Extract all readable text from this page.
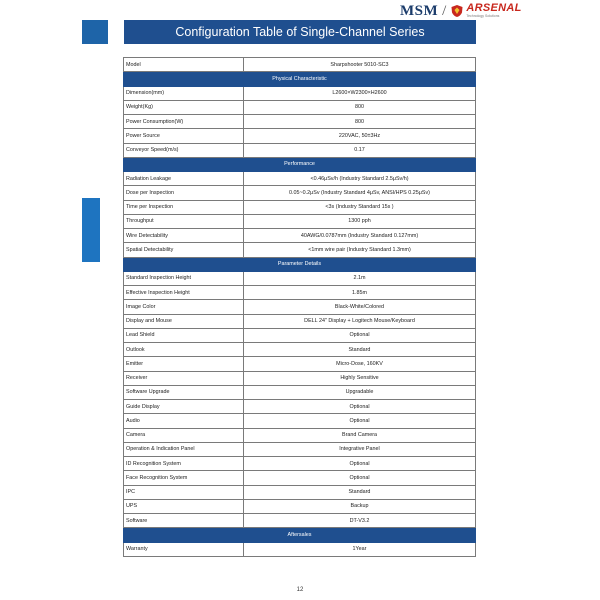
MSM / ARSENAL
Technology Solutions
Configuration Table of Single-Channel Series
Model	Sharpshooter 5010-SC3
Physical Characteristic	
Dimension(mm)	L2600×W2300×H2600
Weight(Kg)	800
Power Consumption(W)	800
Power Source	220VAC, 50±3Hz
Conveyor Speed(m/s)	0.17
Performance	
Radiation Leakage	<0.46μSv/h (Industry Standard 2.5μSv/h)
Dose per Inspection	0.05~0.2μSv (Industry Standard 4μSv, ANSI/HPS 0.25μSv)
Time per Inspection	<3s (Industry Standard 15s )
Throughput	1300 pph
Wire Detectability	40AWG/0.0787mm (Industry Standard 0.127mm)
Spatial Detectability	<1mm wire pair (Industry Standard 1.3mm)
Parameter Details	
Standard Inspection Height	2.1m
Effective Inspection Height	1.85m
Image Color	Black-White/Colored
Display and Mouse	DELL 24" Display + Logitech Mouse/Keyboard
Lead Shield	Optional
Outlook	Standard
Emitter	Micro-Dose, 160KV
Receiver	Highly Sensitive
Software Upgrade	Upgradable
Guide Display	Optional
Audio	Optional
Camera	Brand Camera
Operation & Indication Panel	Integrative Panel
ID Recognition System	Optional
Face Recognition System	Optional
IPC	Standard
UPS	Backup
Software	DT-V3.2
Aftersales	
Warranty	1Year
12
